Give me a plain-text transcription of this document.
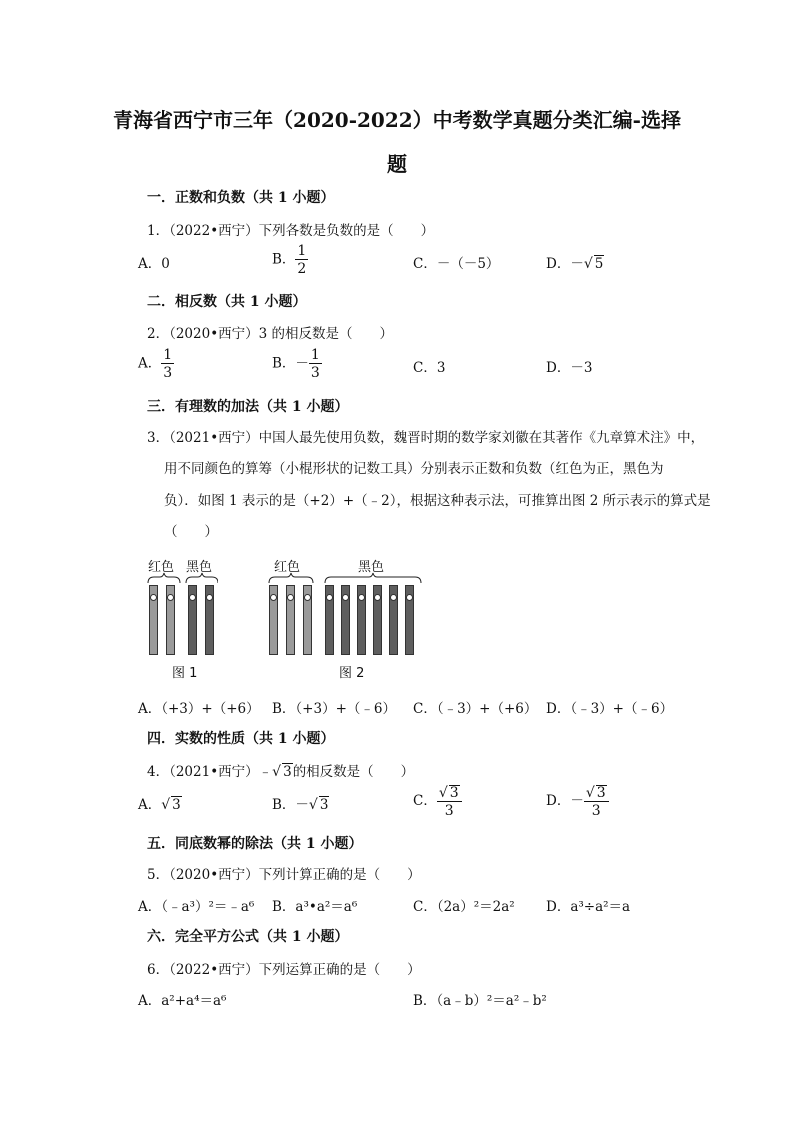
青海省西宁市三年（2020-2022）中考数学真题分类汇编-选择
题
一．正数和负数（共 1 小题）
1．（2022•西宁）下列各数是负数的是（　　）
A．0	B． $\frac{1}{2}$	C．－（－5）	D．－√ 5
二．相反数（共 1 小题）
2．（2020•西宁）3 的相反数是（　　）
A． $\frac{1}{3}$	B．－ $\frac{1}{3}$	C．3	D．－3
三．有理数的加法（共 1 小题）
3．（2021•西宁）中国人最先使用负数，魏晋时期的数学家刘徽在其著作《九章算术注》中，
用不同颜色的算筹（小棍形状的记数工具）分别表示正数和负数（红色为正，黑色为
负）．如图 1 表示的是（+2）+（﹣2），根据这种表示法，可推算出图 2 所示表示的算式是
（　　）
红色 黑色
图 1
红色	黑色
图 2
A．（+3）+（+6） B．（+3）+（﹣6） C．（﹣3）+（+6） D．（﹣3）+（﹣6）
四．实数的性质（共 1 小题）
4．（2021•西宁）﹣√ 3的相反数是（　　）
A．√ 3	B．－√ 3	C． $\frac{√ 3}{3}$	D．－ $\frac{√ 3}{3}$
五．同底数幂的除法（共 1 小题）
5．（2020•西宁）下列计算正确的是（　　）
A．（﹣a³）²＝﹣a⁶ B．a³•a²＝a⁶	C．（2a）²＝2a² D．a³÷a²＝a
六．完全平方公式（共 1 小题）
6．（2022•西宁）下列运算正确的是（　　）
A．a²+a⁴＝a⁶	B．（a﹣b）²＝a²﹣b²
